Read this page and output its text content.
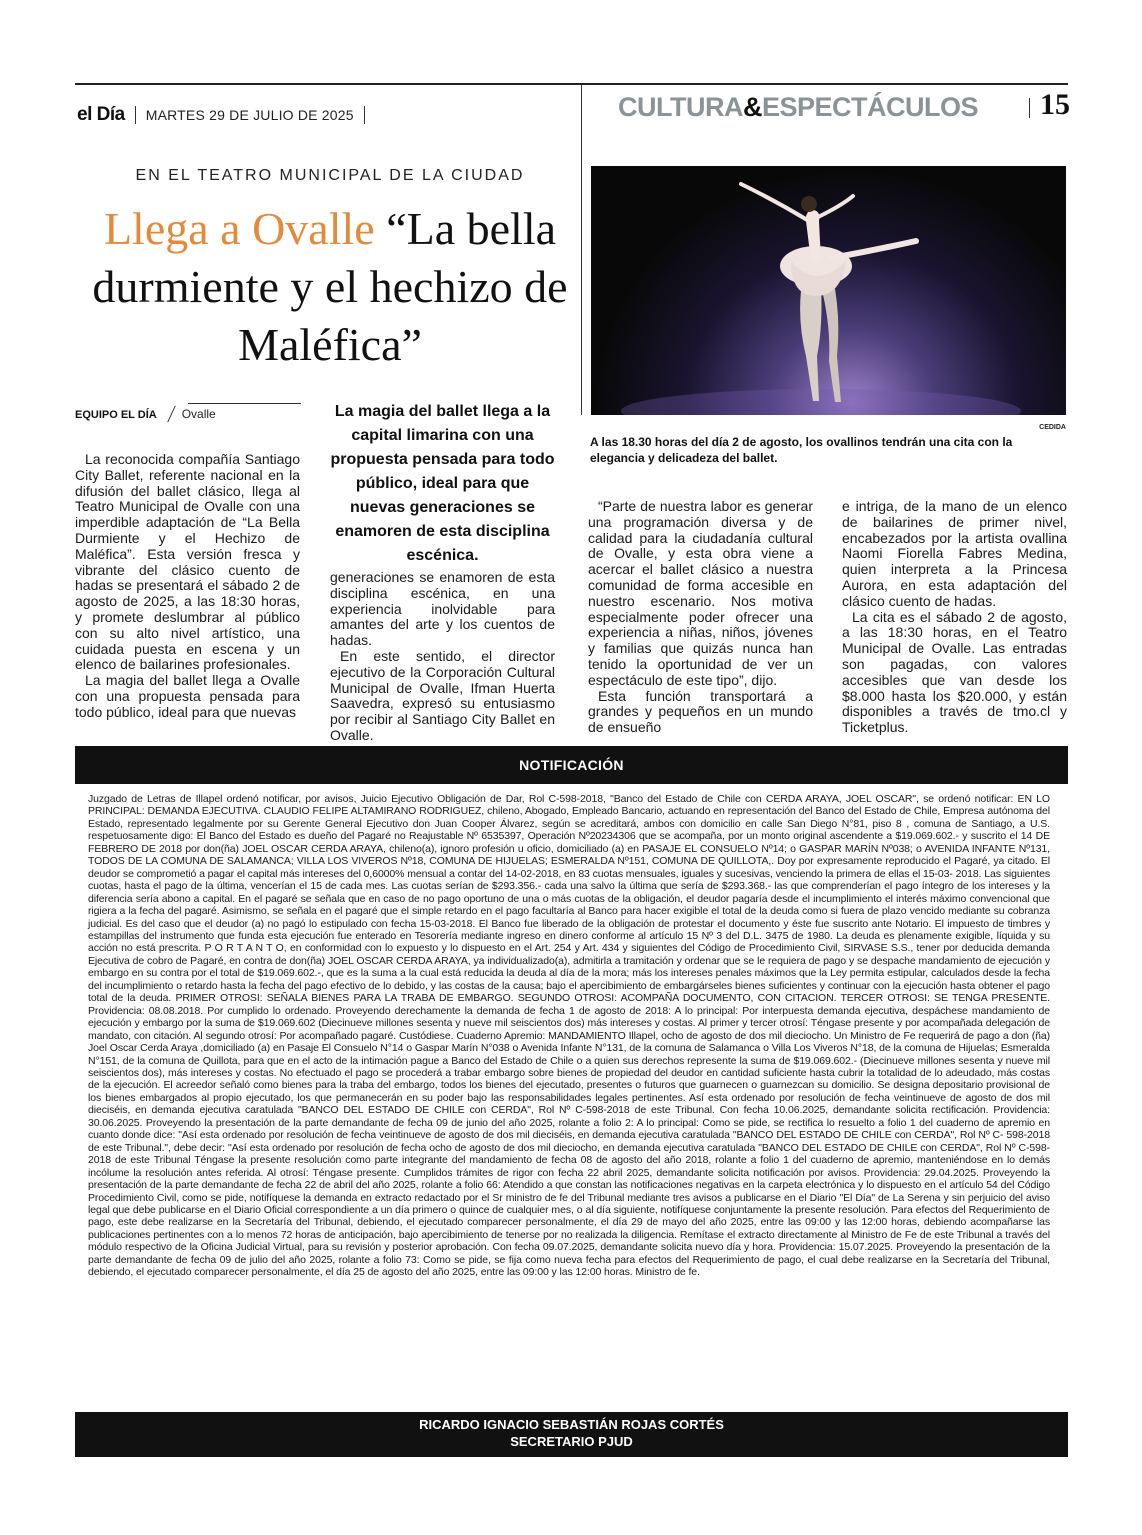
el Día MARTES 29 DE JULIO DE 2025	CULTURA&ESPECTÁCULOS 15
EN EL TEATRO MUNICIPAL DE LA CIUDAD
Llega a Ovalle “La bella durmiente y el hechizo de Maléfica”
CEDIDA
A las 18.30 horas del día 2 de agosto, los ovallinos tendrán una cita con la elegancia y delicadeza del ballet.
EQUIPO EL DÍA Ovalle	La magia del ballet llega a la capital limarina con una propuesta pensada para todo público, ideal para que nuevas generaciones se enamoren de esta disciplina escénica.

La reconocida compañía Santiago City Ballet, referente nacional en la difusión del ballet clásico, llega al Teatro Municipal de Ovalle con una imperdible adaptación de “La Bella Durmiente y el Hechizo de Maléfica”. Esta versión fresca y vibrante del clásico cuento de hadas se presentará el sábado 2 de agosto de 2025, a las 18:30 horas, y promete deslumbrar al público con su alto nivel artístico, una cuidada puesta en escena y un elenco de bailarines profesionales.

La magia del ballet llega a Ovalle con una propuesta pensada para todo público, ideal para que nuevas

generaciones se enamoren de esta disciplina escénica, en una experiencia inolvidable para amantes del arte y los cuentos de hadas.

En este sentido, el director ejecutivo de la Corporación Cultural Municipal de Ovalle, Ifman Huerta Saavedra, expresó su entusiasmo por recibir al Santiago City Ballet en Ovalle.

“Parte de nuestra labor es generar una programación diversa y de calidad para la ciudadanía cultural de Ovalle, y esta obra viene a acercar el ballet clásico a nuestra comunidad de forma accesible en nuestro escenario. Nos motiva especialmente poder ofrecer una experiencia a niñas, niños, jóvenes y familias que quizás nunca han tenido la oportunidad de ver un espectáculo de este tipo”, dijo.

Esta función transportará a grandes y pequeños en un mundo de ensueño

e intriga, de la mano de un elenco de bailarines de primer nivel, encabezados por la artista ovallina Naomi Fiorella Fabres Medina, quien interpreta a la Princesa Aurora, en esta adaptación del clásico cuento de hadas.

La cita es el sábado 2 de agosto, a las 18:30 horas, en el Teatro Municipal de Ovalle. Las entradas son pagadas, con valores accesibles que van desde los $8.000 hasta los $20.000, y están disponibles a través de tmo.cl y Ticketplus.

NOTIFICACIÓN
Juzgado de Letras de Illapel ordenó notificar, por avisos, Juicio Ejecutivo Obligación de Dar, Rol C-598-2018, "Banco del Estado de Chile con CERDA ARAYA, JOEL OSCAR", se ordenó notificar: EN LO PRINCIPAL: DEMANDA EJECUTIVA. CLAUDIO FELIPE ALTAMIRANO RODRIGUEZ, chileno, Abogado, Empleado Bancario, actuando en representación del Banco del Estado de Chile, Empresa autónoma del Estado, representado legalmente por su Gerente General Ejecutivo don Juan Cooper Álvarez, según se acreditará, ambos con domicilio en calle San Diego N°81, piso 8 , comuna de Santiago, a U.S. respetuosamente digo: El Banco del Estado es dueño del Pagaré no Reajustable Nº 6535397, Operación Nº20234306 que se acompaña, por un monto original ascendente a $19.069.602.- y suscrito el 14 DE FEBRERO DE 2018 por don(ña) JOEL OSCAR CERDA ARAYA, chileno(a), ignoro profesión u oficio, domiciliado (a) en PASAJE EL CONSUELO Nº14; o GASPAR MARÍN Nº038; o AVENIDA INFANTE Nº131, TODOS DE LA COMUNA DE SALAMANCA; VILLA LOS VIVEROS Nº18, COMUNA DE HIJUELAS; ESMERALDA Nº151, COMUNA DE QUILLOTA,. Doy por expresamente reproducido el Pagaré, ya citado. El deudor se comprometió a pagar el capital más intereses del 0,6000% mensual a contar del 14-02-2018, en 83 cuotas mensuales, iguales y sucesivas, venciendo la primera de ellas el 15-03- 2018. Las siguientes cuotas, hasta el pago de la última, vencerían el 15 de cada mes. Las cuotas serían de $293.356.- cada una salvo la última que sería de $293.368.- las que comprenderían el pago íntegro de los intereses y la diferencia sería abono a capital. En el pagaré se señala que en caso de no pago oportuno de una o más cuotas de la obligación, el deudor pagaría desde el incumplimiento el interés máximo convencional que rigiera a la fecha del pagaré. Asimismo, se señala en el pagaré que el simple retardo en el pago facultaría al Banco para hacer exigible el total de la deuda como si fuera de plazo vencido mediante su cobranza judicial. Es del caso que el deudor (a) no pagó lo estipulado con fecha 15-03-2018. El Banco fue liberado de la obligación de protestar el documento y éste fue suscrito ante Notario. El impuesto de timbres y estampillas del instrumento que funda esta ejecución fue enterado en Tesorería mediante ingreso en dinero conforme al artículo 15 Nº 3 del D.L. 3475 de 1980. La deuda es plenamente exigible, líquida y su acción no está prescrita. P O R T A N T O, en conformidad con lo expuesto y lo dispuesto en el Art. 254 y Art. 434 y siguientes del Código de Procedimiento Civil, SIRVASE S.S., tener por deducida demanda Ejecutiva de cobro de Pagaré, en contra de don(ña) JOEL OSCAR CERDA ARAYA, ya individualizado(a), admitirla a tramitación y ordenar que se le requiera de pago y se despache mandamiento de ejecución y embargo en su contra por el total de $19.069.602.-, que es la suma a la cual está reducida la deuda al día de la mora; más los intereses penales máximos que la Ley permita estipular, calculados desde la fecha del incumplimiento o retardo hasta la fecha del pago efectivo de lo debido, y las costas de la causa; bajo el apercibimiento de embargárseles bienes suficientes y continuar con la ejecución hasta obtener el pago total de la deuda. PRIMER OTROSI: SEÑALA BIENES PARA LA TRABA DE EMBARGO. SEGUNDO OTROSI: ACOMPAÑA DOCUMENTO, CON CITACION. TERCER OTROSI: SE TENGA PRESENTE. Providencia: 08.08.2018. Por cumplido lo ordenado. Proveyendo derechamente la demanda de fecha 1 de agosto de 2018: A lo principal: Por interpuesta demanda ejecutiva, despáchese mandamiento de ejecución y embargo por la suma de $19.069.602 (Diecinueve millones sesenta y nueve mil seiscientos dos) más intereses y costas. Al primer y tercer otrosí: Téngase presente y por acompañada delegación de mandato, con citación. Al segundo otrosí: Por acompañado pagaré. Custódiese. Cuaderno Apremio: MANDAMIENTO Illapel, ocho de agosto de dos mil dieciocho. Un Ministro de Fe requerirá de pago a don (ña) Joel Oscar Cerda Araya ,domiciliado (a) en Pasaje El Consuelo N°14 o Gaspar Marín N°038 o Avenida Infante N°131, de la comuna de Salamanca o Villa Los Viveros N°18, de la comuna de Hijuelas; Esmeralda N°151, de la comuna de Quillota, para que en el acto de la intimación pague a Banco del Estado de Chile o a quien sus derechos represente la suma de $19.069.602.- (Diecinueve millones sesenta y nueve mil seiscientos dos), más intereses y costas. No efectuado el pago se procederá a trabar embargo sobre bienes de propiedad del deudor en cantidad suficiente hasta cubrir la totalidad de lo adeudado, más costas de la ejecución. El acreedor señaló como bienes para la traba del embargo, todos los bienes del ejecutado, presentes o futuros que guarnecen o guarnezcan su domicilio. Se designa depositario provisional de los bienes embargados al propio ejecutado, los que permanecerán en su poder bajo las responsabilidades legales pertinentes. Así esta ordenado por resolución de fecha veintinueve de agosto de dos mil dieciséis, en demanda ejecutiva caratulada "BANCO DEL ESTADO DE CHILE con CERDA", Rol Nº C-598-2018 de este Tribunal. Con fecha 10.06.2025, demandante solicita rectificación. Providencia: 30.06.2025. Proveyendo la presentación de la parte demandante de fecha 09 de junio del año 2025, rolante a folio 2: A lo principal: Como se pide, se rectifica lo resuelto a folio 1 del cuaderno de apremio en cuanto donde dice: "Así esta ordenado por resolución de fecha veintinueve de agosto de dos mil dieciséis, en demanda ejecutiva caratulada "BANCO DEL ESTADO DE CHILE con CERDA", Rol Nº C- 598-2018 de este Tribunal.", debe decir: "Así esta ordenado por resolución de fecha ocho de agosto de dos mil dieciocho, en demanda ejecutiva caratulada "BANCO DEL ESTADO DE CHILE con CERDA", Rol Nº C-598-2018 de este Tribunal Téngase la presente resolución como parte integrante del mandamiento de fecha 08 de agosto del año 2018, rolante a folio 1 del cuaderno de apremio, manteniéndose en lo demás incólume la resolución antes referida. Al otrosí: Téngase presente. Cumplidos trámites de rigor con fecha 22 abril 2025, demandante solicita notificación por avisos. Providencia: 29.04.2025. Proveyendo la presentación de la parte demandante de fecha 22 de abril del año 2025, rolante a folio 66: Atendido a que constan las notificaciones negativas en la carpeta electrónica y lo dispuesto en el artículo 54 del Código Procedimiento Civil, como se pide, notifíquese la demanda en extracto redactado por el Sr ministro de fe del Tribunal mediante tres avisos a publicarse en el Diario "El Día" de La Serena y sin perjuicio del aviso legal que debe publicarse en el Diario Oficial correspondiente a un día primero o quince de cualquier mes, o al día siguiente, notifíquese conjuntamente la presente resolución. Para efectos del Requerimiento de pago, este debe realizarse en la Secretaría del Tribunal, debiendo, el ejecutado comparecer personalmente, el día 29 de mayo del año 2025, entre las 09:00 y las 12:00 horas, debiendo acompañarse las publicaciones pertinentes con a lo menos 72 horas de anticipación, bajo apercibimiento de tenerse por no realizada la diligencia. Remítase el extracto directamente al Ministro de Fe de este Tribunal a través del módulo respectivo de la Oficina Judicial Virtual, para su revisión y posterior aprobación. Con fecha 09.07.2025, demandante solicita nuevo día y hora. Providencia: 15.07.2025. Proveyendo la presentación de la parte demandante de fecha 09 de julio del año 2025, rolante a folio 73: Como se pide, se fija como nueva fecha para efectos del Requerimiento de pago, el cual debe realizarse en la Secretaría del Tribunal, debiendo, el ejecutado comparecer personalmente, el día 25 de agosto del año 2025, entre las 09:00 y las 12:00 horas. Ministro de fe.
RICARDO IGNACIO SEBASTIÁN ROJAS CORTÉS
SECRETARIO PJUD
